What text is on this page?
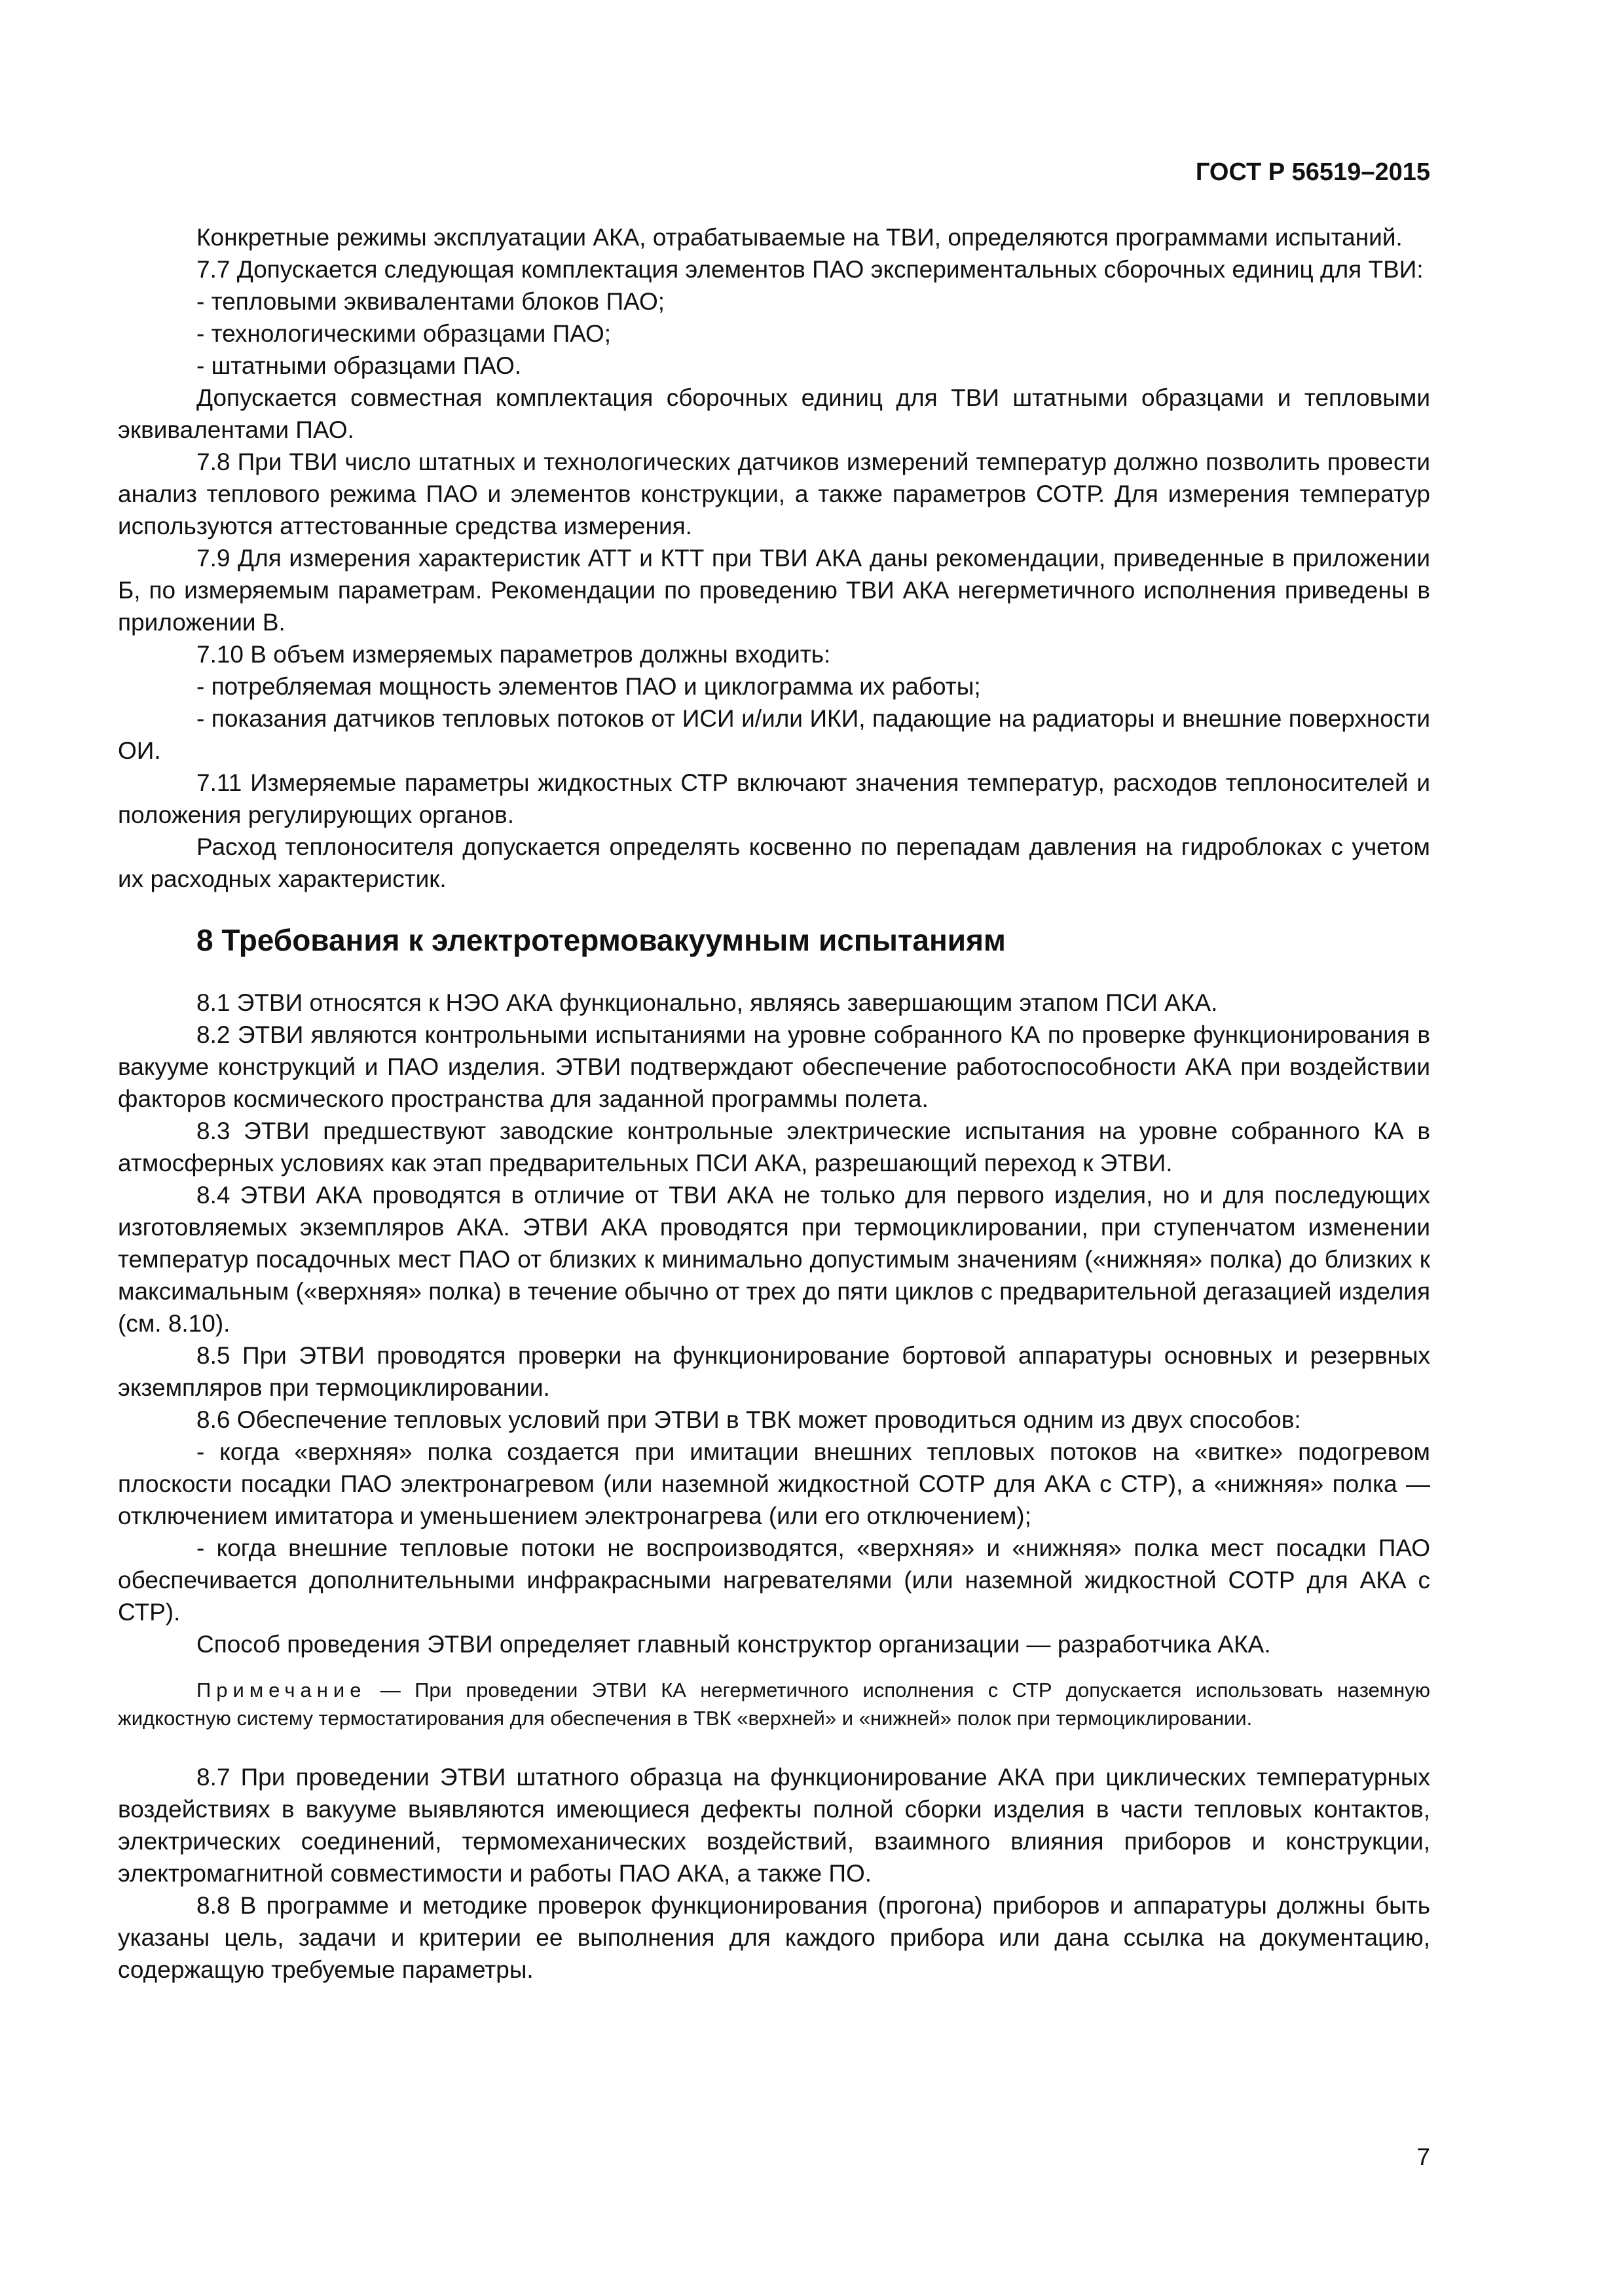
ГОСТ Р 56519–2015

Конкретные режимы эксплуатации АКА, отрабатываемые на ТВИ, определяются программами испытаний.

7.7 Допускается следующая комплектация элементов ПАО экспериментальных сборочных единиц для ТВИ:

- тепловыми эквивалентами блоков ПАО;

- технологическими образцами ПАО;

- штатными образцами ПАО.

Допускается совместная комплектация сборочных единиц для ТВИ штатными образцами и тепловыми эквивалентами ПАО.

7.8 При ТВИ число штатных и технологических датчиков измерений температур должно позволить провести анализ теплового режима ПАО и элементов конструкции, а также параметров СОТР. Для измерения температур используются аттестованные средства измерения.

7.9 Для измерения характеристик АТТ и КТТ при ТВИ АКА даны рекомендации, приведенные в приложении Б, по измеряемым параметрам. Рекомендации по проведению ТВИ АКА негерметичного исполнения приведены в приложении В.

7.10 В объем измеряемых параметров должны входить:

- потребляемая мощность элементов ПАО и циклограмма их работы;

- показания датчиков тепловых потоков от ИСИ и/или ИКИ, падающие на радиаторы и внешние поверхности ОИ.

7.11 Измеряемые параметры жидкостных СТР включают значения температур, расходов теплоносителей и положения регулирующих органов.

Расход теплоносителя допускается определять косвенно по перепадам давления на гидроблоках с учетом их расходных характеристик.

8 Требования к электротермовакуумным испытаниям

8.1 ЭТВИ относятся к НЭО АКА функционально, являясь завершающим этапом ПСИ АКА.

8.2 ЭТВИ являются контрольными испытаниями на уровне собранного КА по проверке функционирования в вакууме конструкций и ПАО изделия. ЭТВИ подтверждают обеспечение работоспособности АКА при воздействии факторов космического пространства для заданной программы полета.

8.3 ЭТВИ предшествуют заводские контрольные электрические испытания на уровне собранного КА в атмосферных условиях как этап предварительных ПСИ АКА, разрешающий переход к ЭТВИ.

8.4 ЭТВИ АКА проводятся в отличие от ТВИ АКА не только для первого изделия, но и для последующих изготовляемых экземпляров АКА. ЭТВИ АКА проводятся при термоциклировании, при ступенчатом изменении температур посадочных мест ПАО от близких к минимально допустимым значениям («нижняя» полка) до близких к максимальным («верхняя» полка) в течение обычно от трех до пяти циклов с предварительной дегазацией изделия (см. 8.10).

8.5 При ЭТВИ проводятся проверки на функционирование бортовой аппаратуры основных и резервных экземпляров при термоциклировании.

8.6 Обеспечение тепловых условий при ЭТВИ в ТВК может проводиться одним из двух способов:

- когда «верхняя» полка создается при имитации внешних тепловых потоков на «витке» подогревом плоскости посадки ПАО электронагревом (или наземной жидкостной СОТР для АКА с СТР), а «нижняя» полка — отключением имитатора и уменьшением электронагрева (или его отключением);

- когда внешние тепловые потоки не воспроизводятся, «верхняя» и «нижняя» полка мест посадки ПАО обеспечивается дополнительными инфракрасными нагревателями (или наземной жидкостной СОТР для АКА с СТР).

Способ проведения ЭТВИ определяет главный конструктор организации — разработчика АКА.

Примечание — При проведении ЭТВИ КА негерметичного исполнения с СТР допускается использовать наземную жидкостную систему термостатирования для обеспечения в ТВК «верхней» и «нижней» полок при термоциклировании.

8.7 При проведении ЭТВИ штатного образца на функционирование АКА при циклических температурных воздействиях в вакууме выявляются имеющиеся дефекты полной сборки изделия в части тепловых контактов, электрических соединений, термомеханических воздействий, взаимного влияния приборов и конструкции, электромагнитной совместимости и работы ПАО АКА, а также ПО.

8.8 В программе и методике проверок функционирования (прогона) приборов и аппаратуры должны быть указаны цель, задачи и критерии ее выполнения для каждого прибора или дана ссылка на документацию, содержащую требуемые параметры.

7
